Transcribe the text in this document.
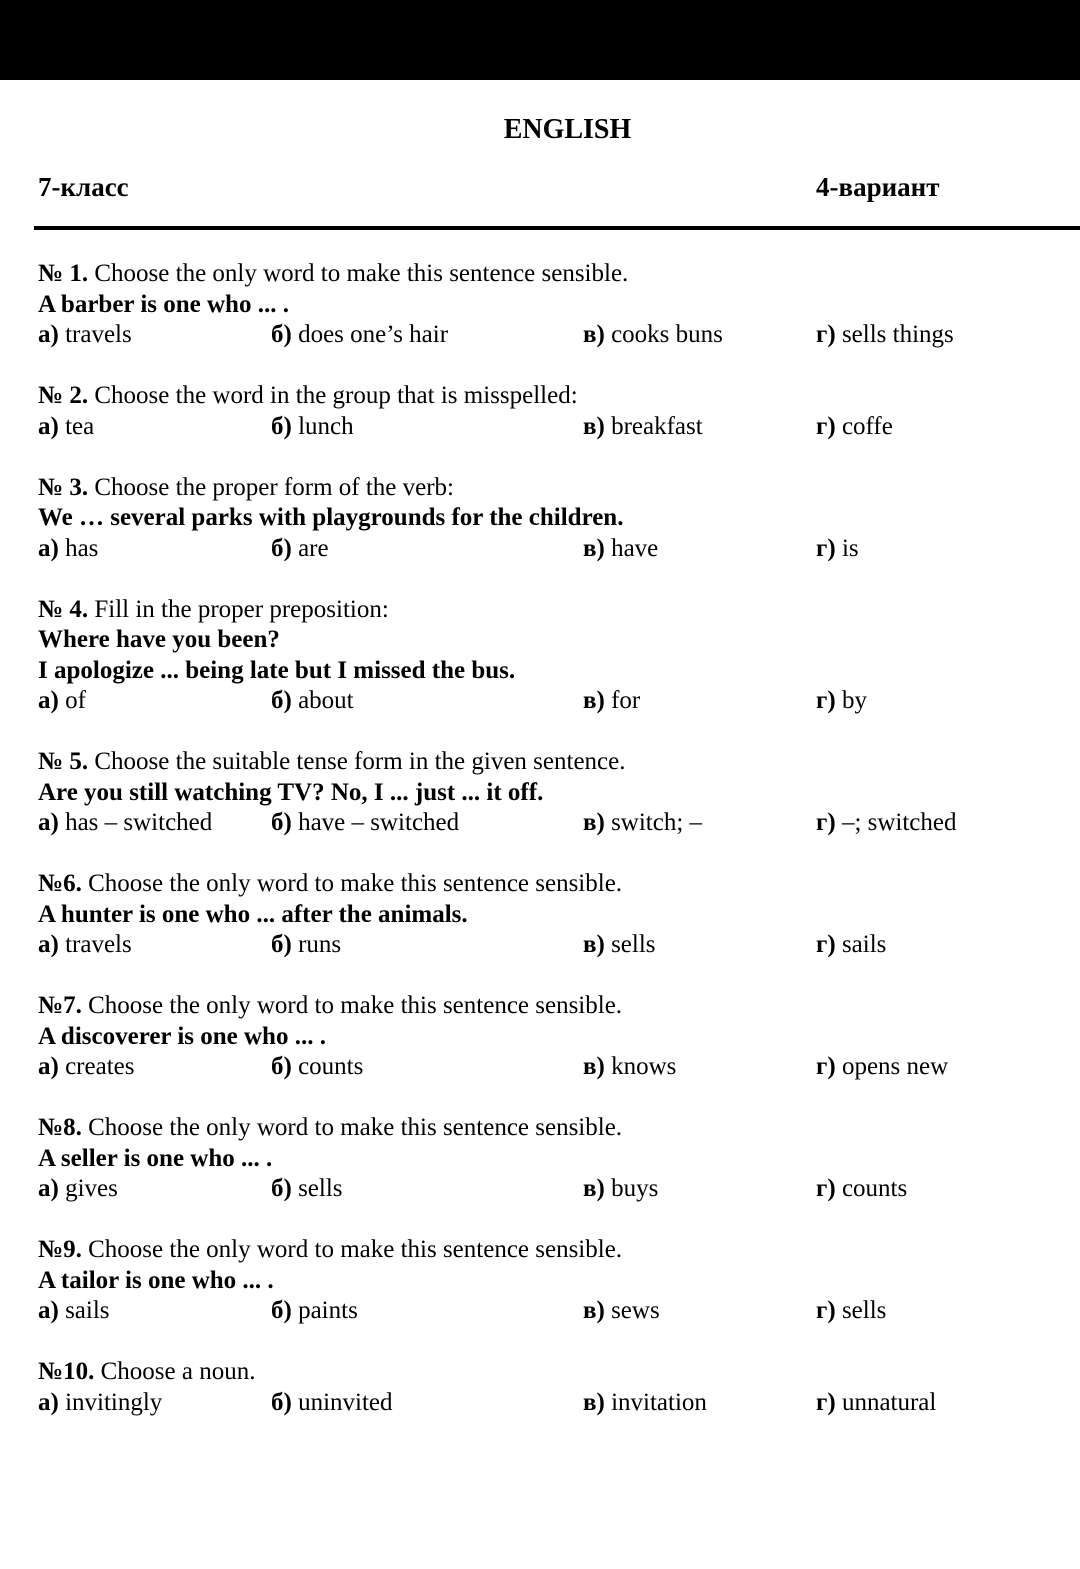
ENGLISH
7-класс	4-вариант
№ 1. Choose the only word to make this sentence sensible.
A barber is one who ... .
а) travels	б) does one’s hair	в) cooks buns	г) sells things
№ 2. Choose the word in the group that is misspelled:
а) tea	б) lunch	в) breakfast	г) coffe
№ 3. Choose the proper form of the verb:
We … several parks with playgrounds for the children.
а) has	б) are	в) have	г) is
№ 4. Fill in the proper preposition:
Where have you been?
I apologize ... being late but I missed the bus.
а) of	б) about	в) for	г) by
№ 5. Choose the suitable tense form in the given sentence.
Are you still watching TV? No, I ... just ... it off.
а) has – switched б) have – switched	в) switch; –	г) –; switched
№6. Choose the only word to make this sentence sensible.
A hunter is one who ... after the animals.
а) travels	б) runs	в) sells	г) sails
№7. Choose the only word to make this sentence sensible.
A discoverer is one who ... .
а) creates	б) counts	в) knows	г) opens new
№8. Choose the only word to make this sentence sensible.
A seller is one who ... .
а) gives	б) sells	в) buys	г) counts
№9. Choose the only word to make this sentence sensible.
A tailor is one who ... .
а) sails	б) paints	в) sews	г) sells
№10. Choose a noun.
а) invitingly	б) uninvited	в) invitation	г) unnatural
